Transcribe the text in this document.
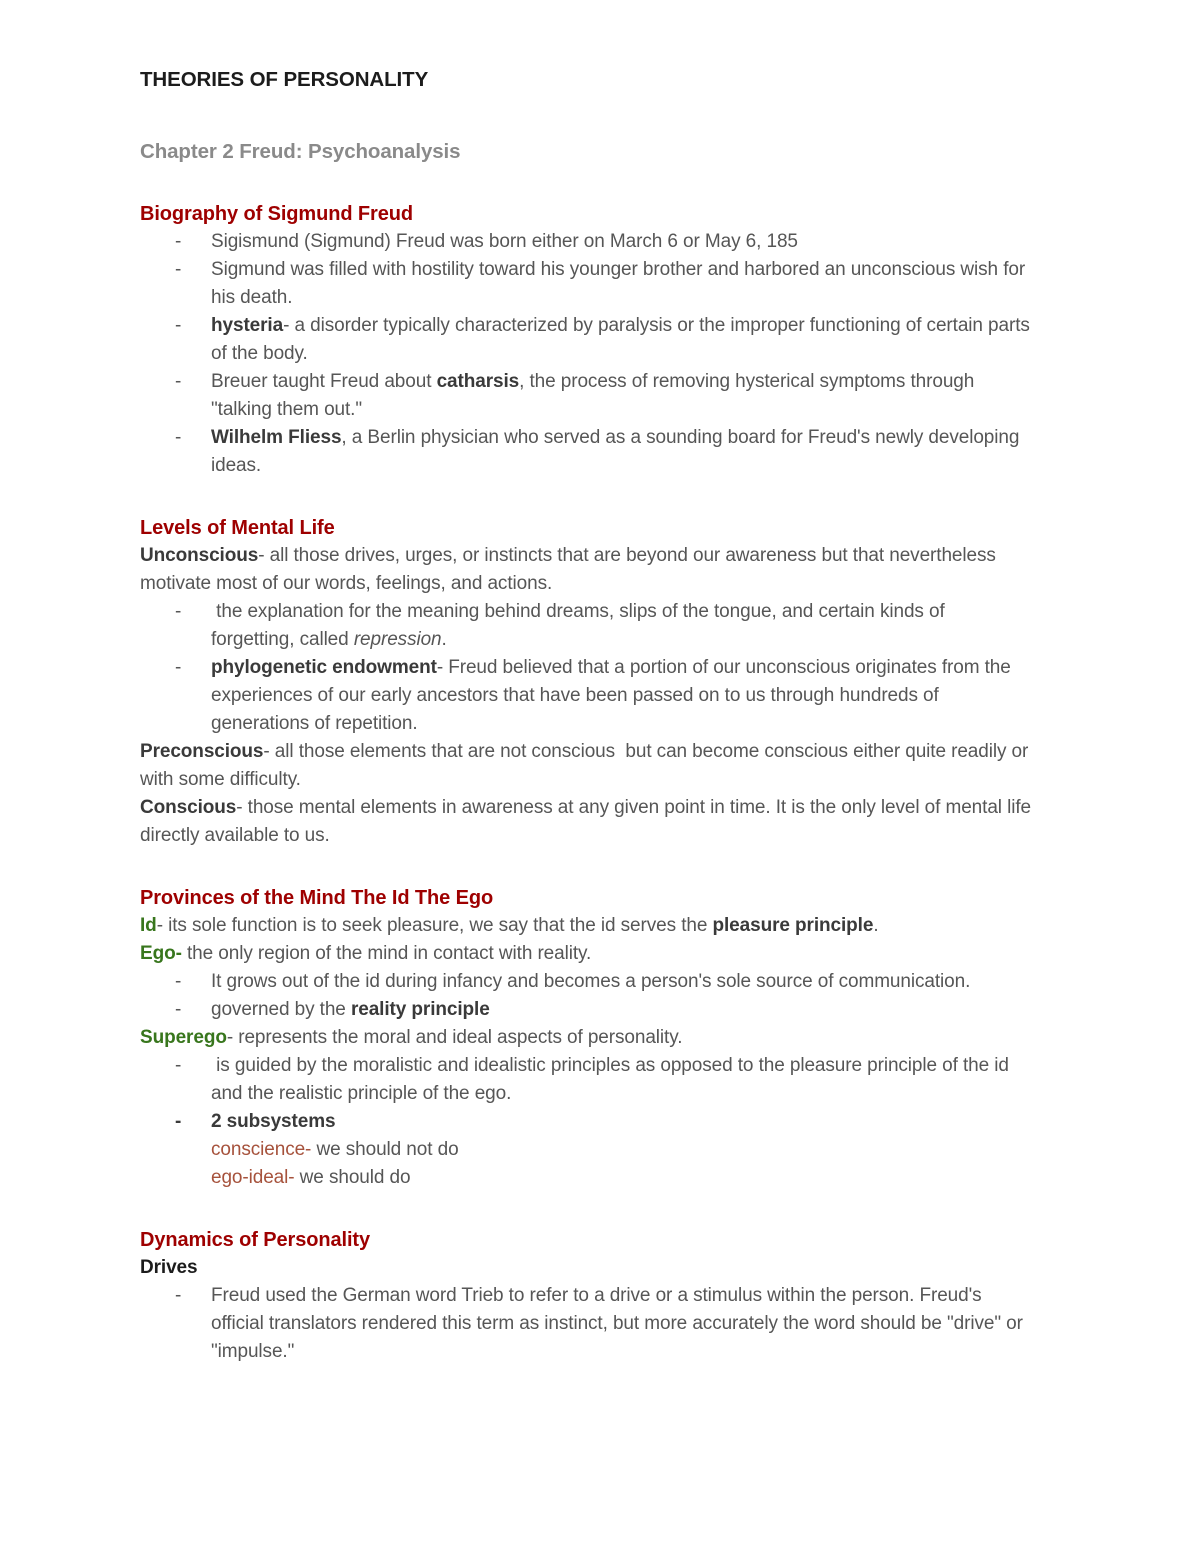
THEORIES OF PERSONALITY
Chapter 2 Freud: Psychoanalysis
Biography of Sigmund Freud
-	Sigismund (Sigmund) Freud was born either on March 6 or May 6, 185
-	Sigmund was filled with hostility toward his younger brother and harbored an unconscious wish for his death.
-	hysteria- a disorder typically characterized by paralysis or the improper functioning of certain parts of the body.
-	Breuer taught Freud about catharsis, the process of removing hysterical symptoms through "talking them out."
-	Wilhelm Fliess, a Berlin physician who served as a sounding board for Freud's newly developing ideas.
Levels of Mental Life
Unconscious- all those drives, urges, or instincts that are beyond our awareness but that nevertheless motivate most of our words, feelings, and actions.
-	the explanation for the meaning behind dreams, slips of the tongue, and certain kinds of forgetting, called repression.
-	phylogenetic endowment- Freud believed that a portion of our unconscious originates from the experiences of our early ancestors that have been passed on to us through hundreds of generations of repetition.
Preconscious- all those elements that are not conscious  but can become conscious either quite readily or with some difficulty.
Conscious- those mental elements in awareness at any given point in time. It is the only level of mental life directly available to us.
Provinces of the Mind The Id The Ego
Id- its sole function is to seek pleasure, we say that the id serves the pleasure principle.
Ego- the only region of the mind in contact with reality.
-	It grows out of the id during infancy and becomes a person's sole source of communication.
-	governed by the reality principle
Superego- represents the moral and ideal aspects of personality.
-	is guided by the moralistic and idealistic principles as opposed to the pleasure principle of the id and the realistic principle of the ego.
-	2 subsystems
conscience- we should not do
ego-ideal- we should do
Dynamics of Personality
Drives
-	Freud used the German word Trieb to refer to a drive or a stimulus within the person. Freud's official translators rendered this term as instinct, but more accurately the word should be "drive" or "impulse."
